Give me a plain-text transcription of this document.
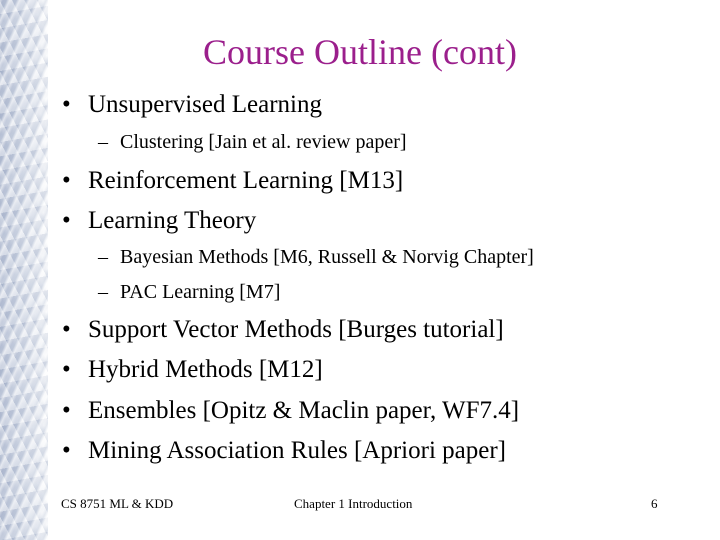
Course Outline (cont)
• Unsupervised Learning
– Clustering [Jain et al. review paper]
• Reinforcement Learning [M13]
• Learning Theory
– Bayesian Methods [M6, Russell & Norvig Chapter]
– PAC Learning [M7]
• Support Vector Methods [Burges tutorial]
• Hybrid Methods [M12]
• Ensembles [Opitz & Maclin paper, WF7.4]
• Mining Association Rules [Apriori paper]
CS 8751 ML & KDD	Chapter 1 Introduction	6
